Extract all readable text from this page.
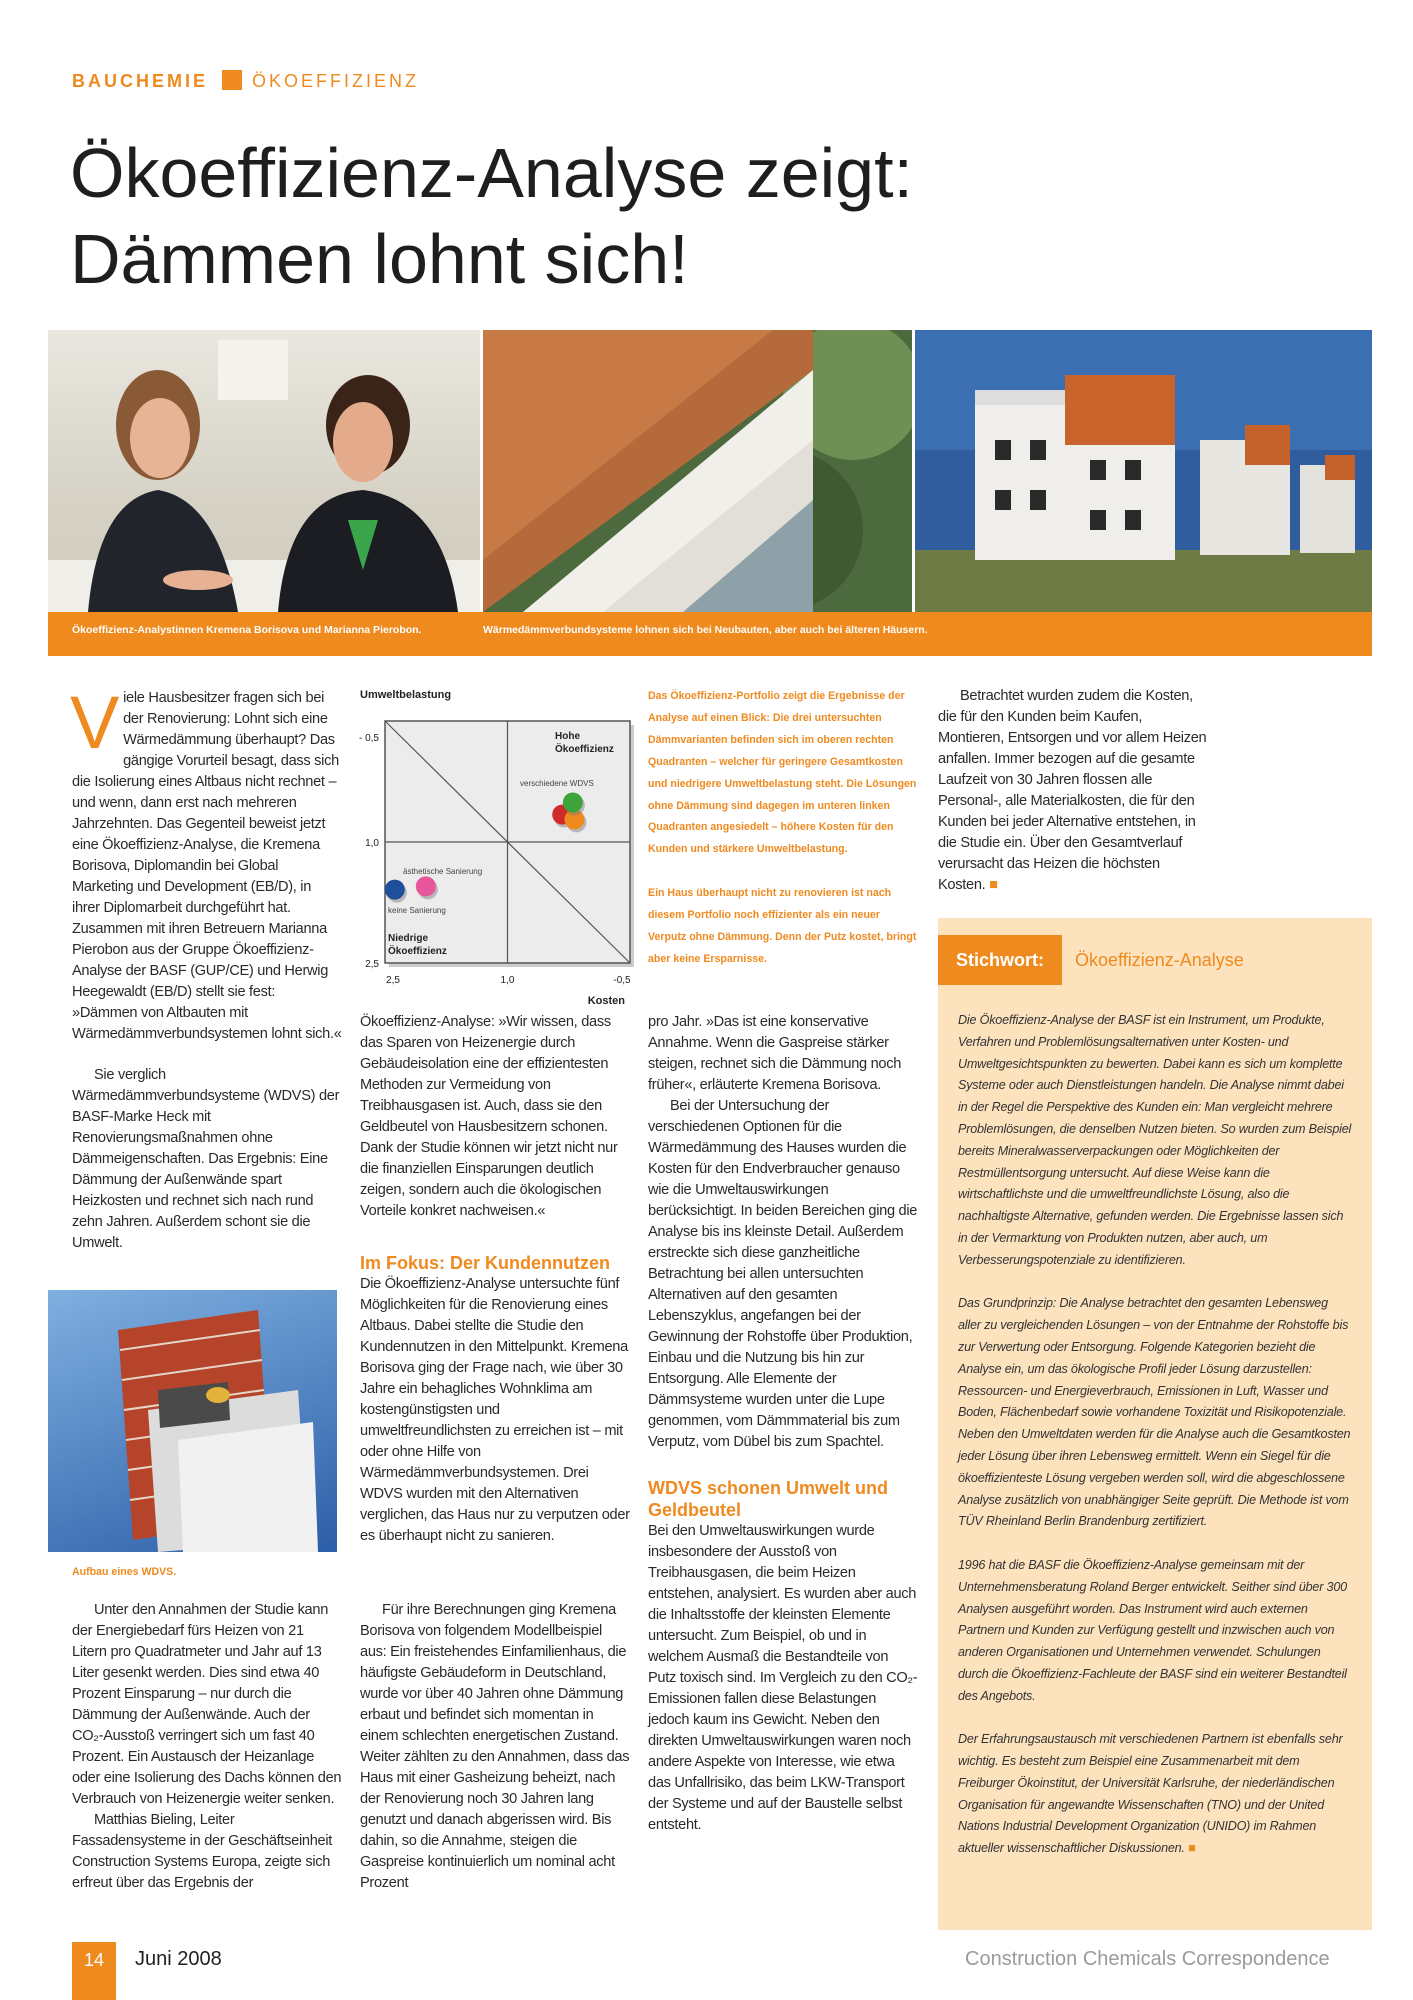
BAUCHEMIE ÖKOEFFIZIENZ
Ökoeffizienz-Analyse zeigt:
Dämmen lohnt sich!
Ökoeffizienz-Analystinnen Kremena Borisova und Marianna Pierobon.	Wärmedämmverbundsysteme lohnen sich bei Neubauten, aber auch bei älteren Häusern.

Viele Hausbesitzer fragen sich bei der Renovierung: Lohnt sich eine Wärmedämmung überhaupt? Das gängige Vorurteil besagt, dass sich die Isolierung eines Altbaus nicht rechnet – und wenn, dann erst nach mehreren Jahrzehnten. Das Gegenteil beweist jetzt eine Ökoeffizienz-Analyse, die Kremena Borisova, Diplomandin bei Global Marketing und Development (EB/D), in ihrer Diplomarbeit durchgeführt hat. Zusammen mit ihren Betreuern Marianna Pierobon aus der Gruppe Ökoeffizienz-Analyse der BASF (GUP/CE) und Herwig Heegewaldt (EB/D) stellt sie fest: »Dämmen von Altbauten mit Wärmedämmverbundsystemen lohnt sich.«

Sie verglich Wärmedämmverbundsysteme (WDVS) der BASF-Marke Heck mit Renovierungsmaßnahmen ohne Dämmeigenschaften. Das Ergebnis: Eine Dämmung der Außenwände spart Heizkosten und rechnet sich nach rund zehn Jahren. Außerdem schont sie die Umwelt.

Aufbau eines WDVS.

Unter den Annahmen der Studie kann der Energiebedarf fürs Heizen von 21 Litern pro Quadratmeter und Jahr auf 13 Liter gesenkt werden. Dies sind etwa 40 Prozent Einsparung – nur durch die Dämmung der Außenwände. Auch der CO₂-Ausstoß verringert sich um fast 40 Prozent. Ein Austausch der Heizanlage oder eine Isolierung des Dachs können den Verbrauch von Heizenergie weiter senken.

Matthias Bieling, Leiter Fassadensysteme in der Geschäftseinheit Construction Systems Europa, zeigte sich erfreut über das Ergebnis der

Umweltbelastung
Kosten
- 0,5
1,0
2,5
2,5	1,0	-0,5
Hohe
Ökoeffizienz
Niedrige
Ökoeffizienz
verschiedene WDVS
ästhetische Sanierung
keine Sanierung

Ökoeffizienz-Analyse: »Wir wissen, dass das Sparen von Heizenergie durch Gebäudeisolation eine der effizientesten Methoden zur Vermeidung von Treibhausgasen ist. Auch, dass sie den Geldbeutel von Hausbesitzern schonen. Dank der Studie können wir jetzt nicht nur die finanziellen Einsparungen deutlich zeigen, sondern auch die ökologischen Vorteile konkret nachweisen.«

Im Fokus: Der Kundennutzen

Die Ökoeffizienz-Analyse untersuchte fünf Möglichkeiten für die Renovierung eines Altbaus. Dabei stellte die Studie den Kundennutzen in den Mittelpunkt. Kremena Borisova ging der Frage nach, wie über 30 Jahre ein behagliches Wohnklima am kostengünstigsten und umweltfreundlichsten zu erreichen ist – mit oder ohne Hilfe von Wärmedämmverbundsystemen. Drei WDVS wurden mit den Alternativen verglichen, das Haus nur zu verputzen oder es überhaupt nicht zu sanieren.

Für ihre Berechnungen ging Kremena Borisova von folgendem Modellbeispiel aus: Ein freistehendes Einfamilienhaus, die häufigste Gebäudeform in Deutschland, wurde vor über 40 Jahren ohne Dämmung erbaut und befindet sich momentan in einem schlechten energetischen Zustand. Weiter zählten zu den Annahmen, dass das Haus mit einer Gasheizung beheizt, nach der Renovierung noch 30 Jahren lang genutzt und danach abgerissen wird. Bis dahin, so die Annahme, steigen die Gaspreise kontinuierlich um nominal acht Prozent

Das Ökoeffizienz-Portfolio zeigt die Ergebnisse der Analyse auf einen Blick: Die drei untersuchten Dämmvarianten befinden sich im oberen rechten Quadranten – welcher für geringere Gesamtkosten und niedrigere Umweltbelastung steht. Die Lösungen ohne Dämmung sind dagegen im unteren linken Quadranten angesiedelt – höhere Kosten für den Kunden und stärkere Umweltbelastung.
Ein Haus überhaupt nicht zu renovieren ist nach diesem Portfolio noch effizienter als ein neuer Verputz ohne Dämmung. Denn der Putz kostet, bringt aber keine Ersparnisse.

pro Jahr. »Das ist eine konservative Annahme. Wenn die Gaspreise stärker steigen, rechnet sich die Dämmung noch früher«, erläuterte Kremena Borisova.

Bei der Untersuchung der verschiedenen Optionen für die Wärmedämmung des Hauses wurden die Kosten für den Endverbraucher genauso wie die Umweltauswirkungen berücksichtigt. In beiden Bereichen ging die Analyse bis ins kleinste Detail. Außerdem erstreckte sich diese ganzheitliche Betrachtung bei allen untersuchten Alternativen auf den gesamten Lebenszyklus, angefangen bei der Gewinnung der Rohstoffe über Produktion, Einbau und die Nutzung bis hin zur Entsorgung. Alle Elemente der Dämmsysteme wurden unter die Lupe genommen, vom Dämmmaterial bis zum Verputz, vom Dübel bis zum Spachtel.

WDVS schonen Umwelt und Geldbeutel

Bei den Umweltauswirkungen wurde insbesondere der Ausstoß von Treibhausgasen, die beim Heizen entstehen, analysiert. Es wurden aber auch die Inhaltsstoffe der kleinsten Elemente untersucht. Zum Beispiel, ob und in welchem Ausmaß die Bestandteile von Putz toxisch sind. Im Vergleich zu den CO₂-Emissionen fallen diese Belastungen jedoch kaum ins Gewicht. Neben den direkten Umweltauswirkungen waren noch andere Aspekte von Interesse, wie etwa das Unfallrisiko, das beim LKW-Transport der Systeme und auf der Baustelle selbst entsteht.

Betrachtet wurden zudem die Kosten, die für den Kunden beim Kaufen, Montieren, Entsorgen und vor allem Heizen anfallen. Immer bezogen auf die gesamte Laufzeit von 30 Jahren flossen alle Personal-, alle Materialkosten, die für den Kunden bei jeder Alternative entstehen, in die Studie ein. Über den Gesamtverlauf verursacht das Heizen die höchsten Kosten. ■

Stichwort:	Ökoeffizienz-Analyse

Die Ökoeffizienz-Analyse der BASF ist ein Instrument, um Produkte, Verfahren und Problemlösungsalternativen unter Kosten- und Umweltgesichtspunkten zu bewerten. Dabei kann es sich um komplette Systeme oder auch Dienstleistungen handeln. Die Analyse nimmt dabei in der Regel die Perspektive des Kunden ein: Man vergleicht mehrere Problemlösungen, die denselben Nutzen bieten. So wurden zum Beispiel bereits Mineralwasserverpackungen oder Möglichkeiten der Restmüllentsorgung untersucht. Auf diese Weise kann die wirtschaftlichste und die umweltfreundlichste Lösung, also die nachhaltigste Alternative, gefunden werden. Die Ergebnisse lassen sich in der Vermarktung von Produkten nutzen, aber auch, um Verbesserungspotenziale zu identifizieren.

Das Grundprinzip: Die Analyse betrachtet den gesamten Lebensweg aller zu vergleichenden Lösungen – von der Entnahme der Rohstoffe bis zur Verwertung oder Entsorgung. Folgende Kategorien bezieht die Analyse ein, um das ökologische Profil jeder Lösung darzustellen: Ressourcen- und Energieverbrauch, Emissionen in Luft, Wasser und Boden, Flächenbedarf sowie vorhandene Toxizität und Risikopotenziale. Neben den Umweltdaten werden für die Analyse auch die Gesamtkosten jeder Lösung über ihren Lebensweg ermittelt. Wenn ein Siegel für die ökoeffizienteste Lösung vergeben werden soll, wird die abgeschlossene Analyse zusätzlich von unabhängiger Seite geprüft. Die Methode ist vom TÜV Rheinland Berlin Brandenburg zertifiziert.

1996 hat die BASF die Ökoeffizienz-Analyse gemeinsam mit der Unternehmensberatung Roland Berger entwickelt. Seither sind über 300 Analysen ausgeführt worden. Das Instrument wird auch externen Partnern und Kunden zur Verfügung gestellt und inzwischen auch von anderen Organisationen und Unternehmen verwendet. Schulungen durch die Ökoeffizienz-Fachleute der BASF sind ein weiterer Bestandteil des Angebots.

Der Erfahrungsaustausch mit verschiedenen Partnern ist ebenfalls sehr wichtig. Es besteht zum Beispiel eine Zusammenarbeit mit dem Freiburger Ökoinstitut, der Universität Karlsruhe, der niederländischen Organisation für angewandte Wissenschaften (TNO) und der United Nations Industrial Development Organization (UNIDO) im Rahmen aktueller wissenschaftlicher Diskussionen. ■

14	Juni 2008	Construction Chemicals Correspondence
